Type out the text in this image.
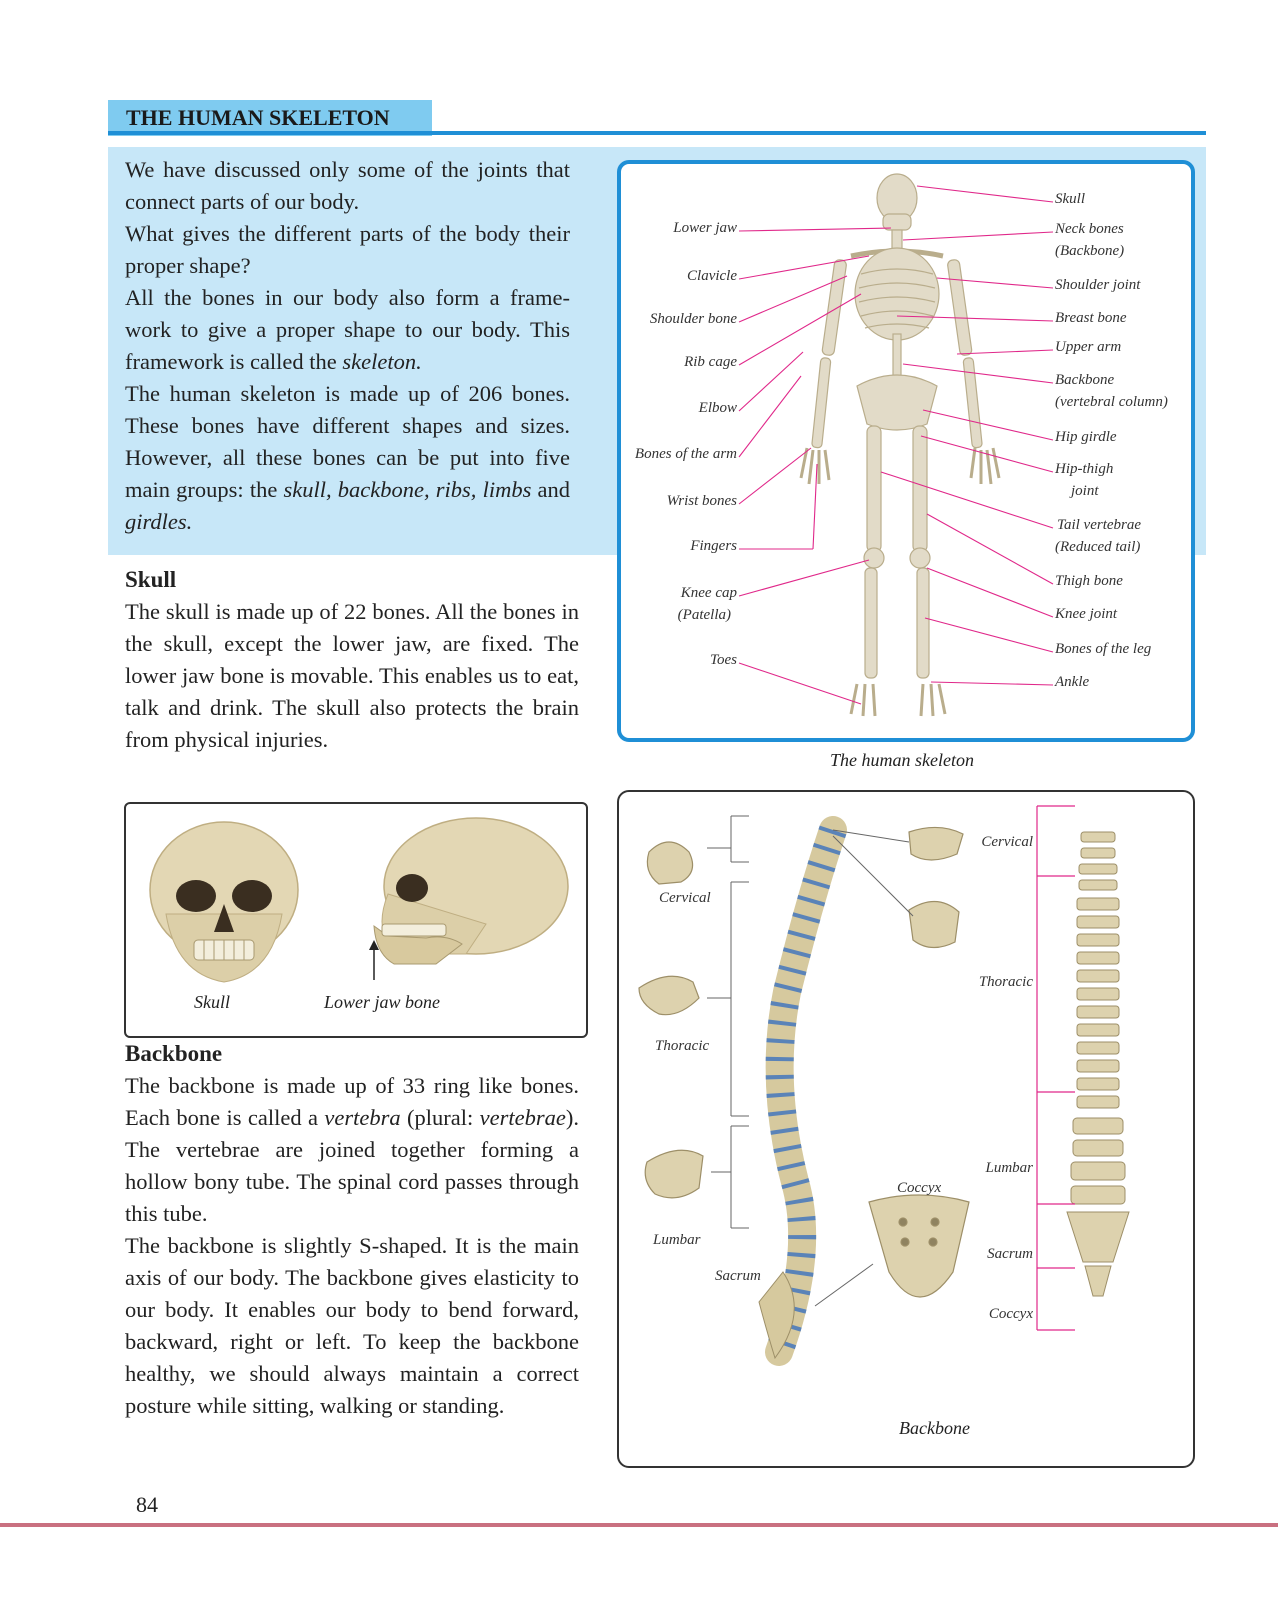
THE HUMAN SKELETON

We have discussed only some of the joints that connect parts of our body.

What gives the different parts of the body their proper shape?

All the bones in our body also form a frame-work to give a proper shape to our body. This framework is called the skeleton.

The human skeleton is made up of 206 bones. These bones have different shapes and sizes. However, all these bones can be put into five main groups: the skull, backbone, ribs, limbs and girdles.

Skull

The skull is made up of 22 bones. All the bones in the skull, except the lower jaw, are fixed. The lower jaw bone is movable. This enables us to eat, talk and drink. The skull also protects the brain from physical injuries.

Skull	Lower jaw bone

Backbone

The backbone is made up of 33 ring like bones. Each bone is called a vertebra (plural: vertebrae). The vertebrae are joined together forming a hollow bony tube. The spinal cord passes through this tube.

The backbone is slightly S-shaped. It is the main axis of our body. The backbone gives elasticity to our body. It enables our body to bend forward, backward, right or left. To keep the backbone healthy, we should always maintain a correct posture while sitting, walking or standing.

Lower jaw
Clavicle
Shoulder bone
Rib cage
Elbow
Bones of the arm
Wrist bones
Fingers
Knee cap
(Patella)
Toes
Skull
Neck bones
(Backbone)
Shoulder joint
Breast bone
Upper arm
Backbone
(vertebral column)
Hip girdle
Hip-thigh
joint
Tail vertebrae
(Reduced tail)
Thigh bone
Knee joint
Bones of the leg
Ankle
The human skeleton
Cervical
Thoracic
Lumbar
Sacrum
Coccyx
Cervical
Thoracic
Lumbar
Sacrum
Coccyx
Backbone
84
